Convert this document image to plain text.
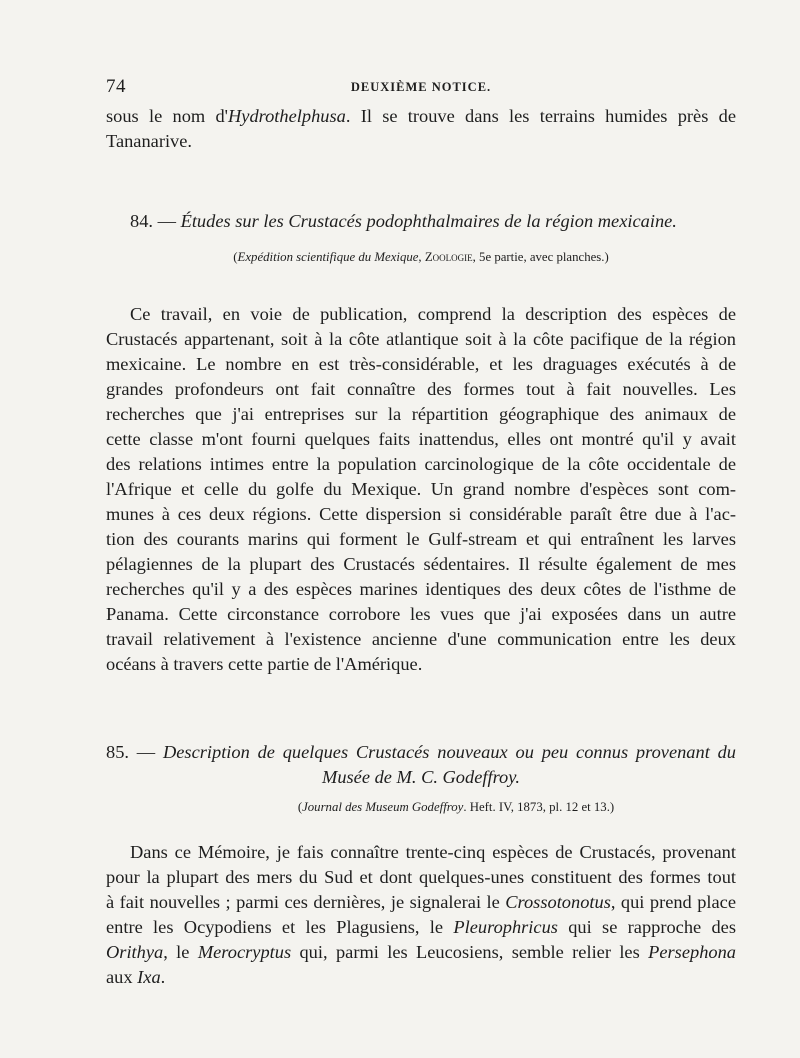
74	DEUXIÈME NOTICE.
sous le nom d'Hydrothelphusa. Il se trouve dans les terrains humides près de
Tananarive.
84. — Études sur les Crustacés podophthalmaires de la région mexicaine.
(Expédition scientifique du Mexique, Zoologie, 5e partie, avec planches.)
Ce travail, en voie de publication, comprend la description des espèces de
Crustacés appartenant, soit à la côte atlantique soit à la côte pacifique de la région
mexicaine. Le nombre en est très-considérable, et les draguages exécutés à de
grandes profondeurs ont fait connaître des formes tout à fait nouvelles. Les
recherches que j'ai entreprises sur la répartition géographique des animaux de
cette classe m'ont fourni quelques faits inattendus, elles ont montré qu'il y avait
des relations intimes entre la population carcinologique de la côte occidentale de
l'Afrique et celle du golfe du Mexique. Un grand nombre d'espèces sont com-
munes à ces deux régions. Cette dispersion si considérable paraît être due à l'ac-
tion des courants marins qui forment le Gulf-stream et qui entraînent les larves
pélagiennes de la plupart des Crustacés sédentaires. Il résulte également de mes
recherches qu'il y a des espèces marines identiques des deux côtes de l'isthme de
Panama. Cette circonstance corrobore les vues que j'ai exposées dans un autre
travail relativement à l'existence ancienne d'une communication entre les deux
océans à travers cette partie de l'Amérique.
85. — Description de quelques Crustacés nouveaux ou peu connus provenant du
Musée de M. C. Godeffroy.
(Journal des Museum Godeffroy. Heft. IV, 1873, pl. 12 et 13.)
Dans ce Mémoire, je fais connaître trente-cinq espèces de Crustacés, provenant
pour la plupart des mers du Sud et dont quelques-unes constituent des formes tout
à fait nouvelles ; parmi ces dernières, je signalerai le Crossotonotus, qui prend place
entre les Ocypodiens et les Plagusiens, le Pleurophricus qui se rapproche des
Orithya, le Merocryptus qui, parmi les Leucosiens, semble relier les Persephona
aux Ixa.
